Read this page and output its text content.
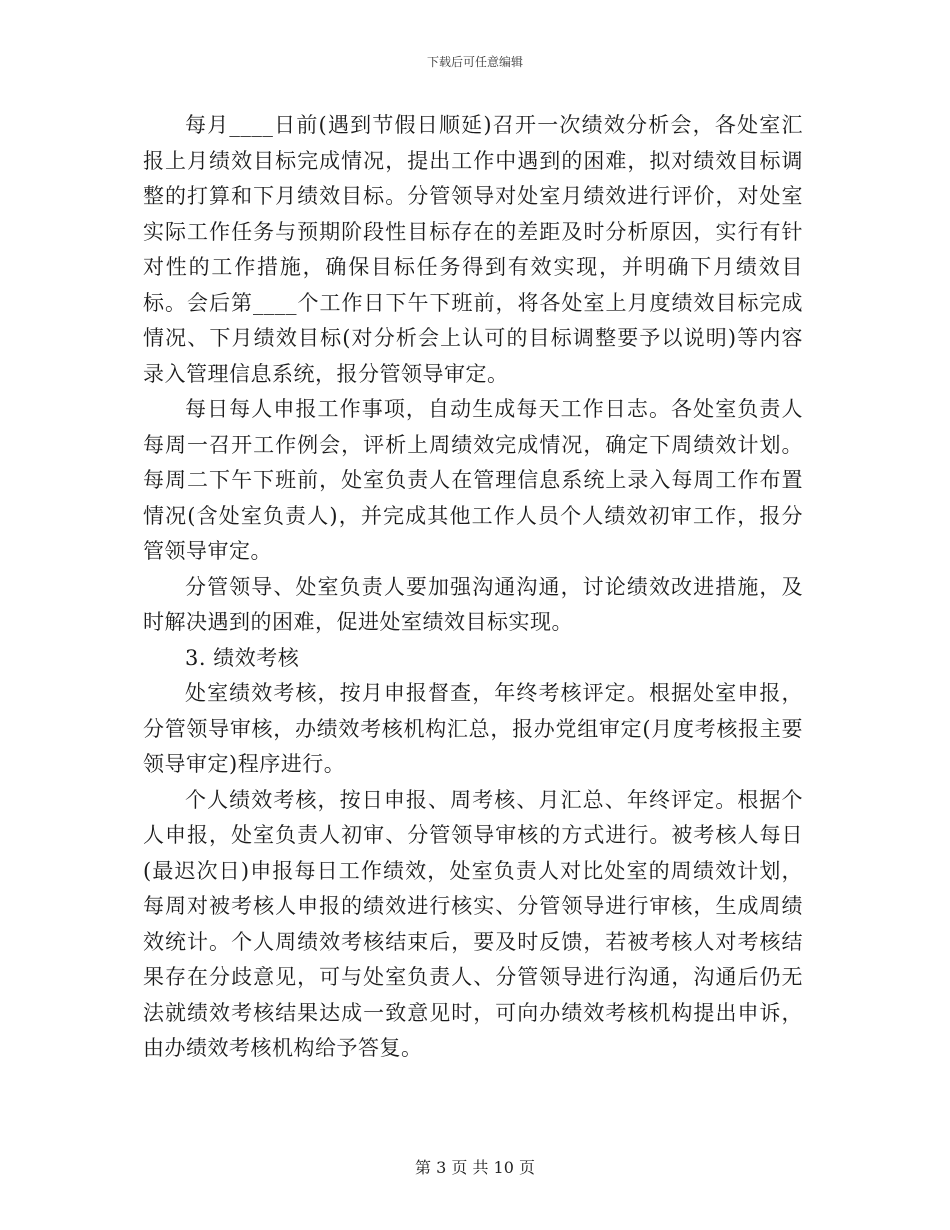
下载后可任意编辑

每月____日前(遇到节假日顺延)召开一次绩效分析会，各处室汇报上月绩效目标完成情况，提出工作中遇到的困难，拟对绩效目标调整的打算和下月绩效目标。分管领导对处室月绩效进行评价，对处室实际工作任务与预期阶段性目标存在的差距及时分析原因，实行有针对性的工作措施，确保目标任务得到有效实现，并明确下月绩效目标。会后第____个工作日下午下班前，将各处室上月度绩效目标完成情况、下月绩效目标(对分析会上认可的目标调整要予以说明)等内容录入管理信息系统，报分管领导审定。

每日每人申报工作事项，自动生成每天工作日志。各处室负责人每周一召开工作例会，评析上周绩效完成情况，确定下周绩效计划。每周二下午下班前，处室负责人在管理信息系统上录入每周工作布置情况(含处室负责人)，并完成其他工作人员个人绩效初审工作，报分管领导审定。

分管领导、处室负责人要加强沟通沟通，讨论绩效改进措施，及时解决遇到的困难，促进处室绩效目标实现。

3. 绩效考核

处室绩效考核，按月申报督查，年终考核评定。根据处室申报，分管领导审核，办绩效考核机构汇总，报办党组审定(月度考核报主要领导审定)程序进行。

个人绩效考核，按日申报、周考核、月汇总、年终评定。根据个人申报，处室负责人初审、分管领导审核的方式进行。被考核人每日(最迟次日)申报每日工作绩效，处室负责人对比处室的周绩效计划，每周对被考核人申报的绩效进行核实、分管领导进行审核，生成周绩效统计。个人周绩效考核结束后，要及时反馈，若被考核人对考核结果存在分歧意见，可与处室负责人、分管领导进行沟通，沟通后仍无法就绩效考核结果达成一致意见时，可向办绩效考核机构提出申诉，由办绩效考核机构给予答复。

第 3 页 共 10 页
